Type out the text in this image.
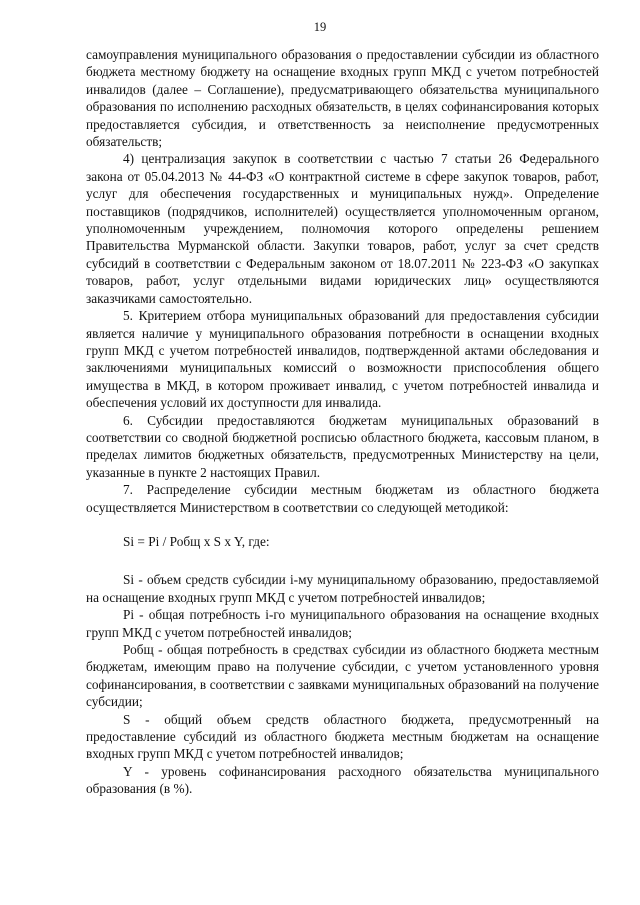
19

самоуправления муниципального образования о предоставлении субсидии из областного бюджета местному бюджету на оснащение входных групп МКД с учетом потребностей инвалидов (далее – Соглашение), предусматривающего обязательства муниципального образования по исполнению расходных обязательств, в целях софинансирования которых предоставляется субсидия, и ответственность за неисполнение предусмотренных обязательств;

4) централизация закупок в соответствии с частью 7 статьи 26 Федерального закона от 05.04.2013 № 44-ФЗ «О контрактной системе в сфере закупок товаров, работ, услуг для обеспечения государственных и муниципальных нужд». Определение поставщиков (подрядчиков, исполнителей) осуществляется уполномоченным органом, уполномоченным учреждением, полномочия которого определены решением Правительства Мурманской области. Закупки товаров, работ, услуг за счет средств субсидий в соответствии с Федеральным законом от 18.07.2011 № 223-ФЗ «О закупках товаров, работ, услуг отдельными видами юридических лиц» осуществляются заказчиками самостоятельно.

5. Критерием отбора муниципальных образований для предоставления субсидии является наличие у муниципального образования потребности в оснащении входных групп МКД с учетом потребностей инвалидов, подтвержденной актами обследования и заключениями муниципальных комиссий о возможности приспособления общего имущества в МКД, в котором проживает инвалид, с учетом потребностей инвалида и обеспечения условий их доступности для инвалида.

6. Субсидии предоставляются бюджетам муниципальных образований в соответствии со сводной бюджетной росписью областного бюджета, кассовым планом, в пределах лимитов бюджетных обязательств, предусмотренных Министерству на цели, указанные в пункте 2 настоящих Правил.

7. Распределение субсидии местным бюджетам из областного бюджета осуществляется Министерством в соответствии со следующей методикой:

Si = Pi / Робщ x S x Y, где:

Si - объем средств субсидии i-му муниципальному образованию, предоставляемой на оснащение входных групп МКД с учетом потребностей инвалидов;

Pi - общая потребность i-го муниципального образования на оснащение входных групп МКД с учетом потребностей инвалидов;

Робщ - общая потребность в средствах субсидии из областного бюджета местным бюджетам, имеющим право на получение субсидии, с учетом установленного уровня софинансирования, в соответствии с заявками муниципальных образований на получение субсидии;

S - общий объем средств областного бюджета, предусмотренный на предоставление субсидий из областного бюджета местным бюджетам на оснащение входных групп МКД с учетом потребностей инвалидов;

Y - уровень софинансирования расходного обязательства муниципального образования (в %).
